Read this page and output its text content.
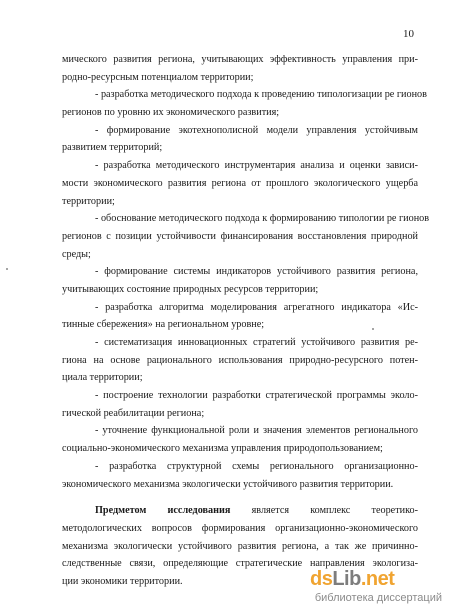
10
мического развития региона, учитывающих эффективность управления при-
родно-ресурсным потенциалом территории;
- разработка методического подхода к проведению типологизации ре гионов
регионов по уровню их экономического развития;
- формирование экотехнополисной модели управления устойчивым
развитием территорий;
- разработка методического инструментария анализа и оценки зависи-
мости экономического развития региона от прошлого экологического ущерба
территории;
- обоснование методического подхода к формированию типологии ре гионов
регионов с позиции устойчивости финансирования восстановления природной
среды;
- формирование системы индикаторов устойчивого развития региона,
учитывающих состояние природных ресурсов территории;
- разработка алгоритма моделирования агрегатного индикатора «Ис-
тинные сбережения» на региональном уровне;
- систематизация инновационных стратегий устойчивого развития ре-
гиона на основе рационального использования природно-ресурсного потен-
циала территории;
- построение технологии разработки стратегической программы эколо-
гической реабилитации региона;
- уточнение функциональной роли и значения элементов регионального
социально-экономического механизма управления природопользованием;
- разработка структурной схемы регионального организационно-
экономического механизма экологически устойчивого развития территории.
Предметом исследования является комплекс теоретико-
методологических вопросов формирования организационно-экономического
механизма экологически устойчивого развития региона, а так же причинно-
следственные связи, определяющие стратегические направления экологиза-
ции экономики территории.	ds Lib .net
библиотека диссертаций
